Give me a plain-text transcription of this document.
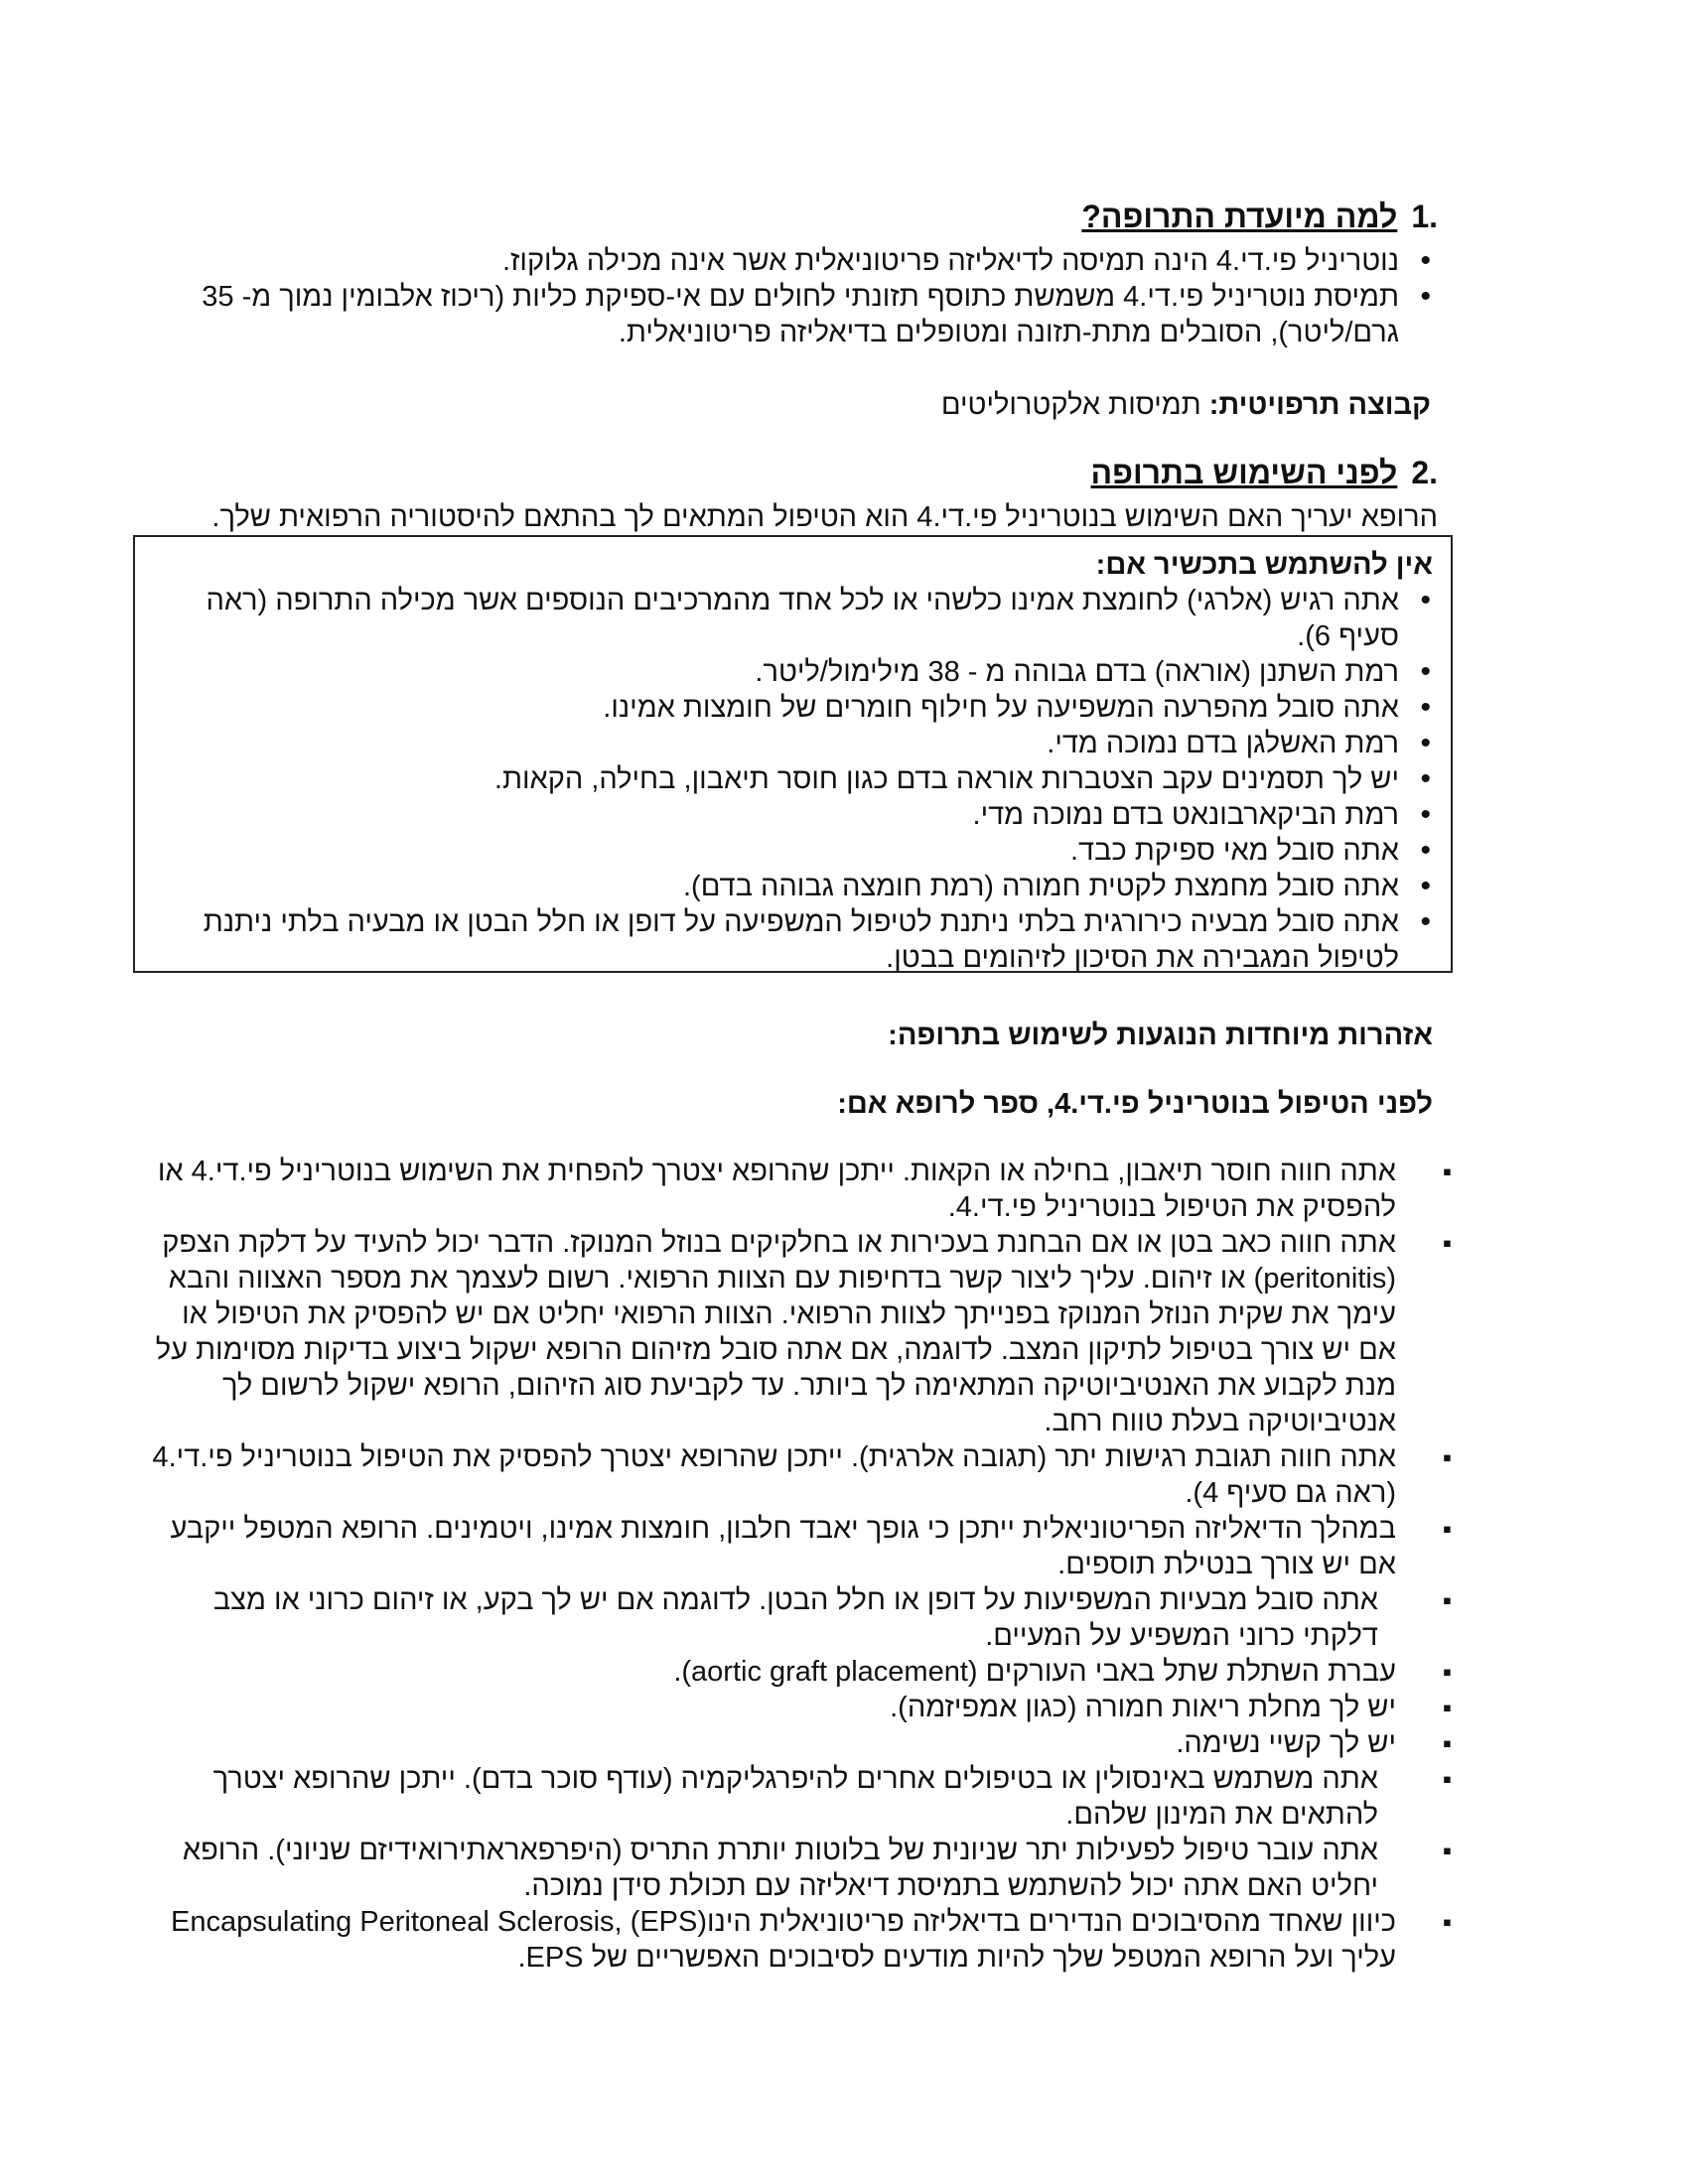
.1למה מיועדת התרופה?
• נוטריניל פי.די.4 הינה תמיסה לדיאליזה פריטוניאלית אשר אינה מכילה גלוקוז.
• תמיסת נוטריניל פי.די.4 משמשת כתוסף תזונתי לחולים עם אי-ספיקת כליות (ריכוז אלבומין נמוך מ- 35 גרם/ליטר), הסובלים מתת-תזונה ומטופלים בדיאליזה פריטוניאלית.
קבוצה תרפויטית: תמיסות אלקטרוליטים
.2לפני השימוש בתרופה
הרופא יעריך האם השימוש בנוטריניל פי.די.4 הוא הטיפול המתאים לך בהתאם להיסטוריה הרפואית שלך.
אין להשתמש בתכשיר אם:
• אתה רגיש (אלרגי) לחומצת אמינו כלשהי או לכל אחד מהמרכיבים הנוספים אשר מכילה התרופה (ראה סעיף 6).
• רמת השתנן (אוראה) בדם גבוהה מ - 38 מילימול/ליטר.
• אתה סובל מהפרעה המשפיעה על חילוף חומרים של חומצות אמינו.
• רמת האשלגן בדם נמוכה מדי.
• יש לך תסמינים עקב הצטברות אוראה בדם כגון חוסר תיאבון, בחילה, הקאות.
• רמת הביקארבונאט בדם נמוכה מדי.
• אתה סובל מאי ספיקת כבד.
• אתה סובל מחמצת לקטית חמורה (רמת חומצה גבוהה בדם).
• אתה סובל מבעיה כירורגית בלתי ניתנת לטיפול המשפיעה על דופן או חלל הבטן או מבעיה בלתי ניתנת לטיפול המגבירה את הסיכון לזיהומים בבטן.
אזהרות מיוחדות הנוגעות לשימוש בתרופה:
לפני הטיפול בנוטריניל פי.די.4, ספר לרופא אם:
▪ אתה חווה חוסר תיאבון, בחילה או הקאות. ייתכן שהרופא יצטרך להפחית את השימוש בנוטריניל פי.די.4 או להפסיק את הטיפול בנוטריניל פי.די.4.
▪ אתה חווה כאב בטן או אם הבחנת בעכירות או בחלקיקים בנוזל המנוקז. הדבר יכול להעיד על דלקת הצפק (peritonitis) או זיהום. עליך ליצור קשר בדחיפות עם הצוות הרפואי. רשום לעצמך את מספר האצווה והבא עימך את שקית הנוזל המנוקז בפנייתך לצוות הרפואי. הצוות הרפואי יחליט אם יש להפסיק את הטיפול או אם יש צורך בטיפול לתיקון המצב. לדוגמה, אם אתה סובל מזיהום הרופא ישקול ביצוע בדיקות מסוימות על מנת לקבוע את האנטיביוטיקה המתאימה לך ביותר. עד לקביעת סוג הזיהום, הרופא ישקול לרשום לך אנטיביוטיקה בעלת טווח רחב.
▪ אתה חווה תגובת רגישות יתר (תגובה אלרגית). ייתכן שהרופא יצטרך להפסיק את הטיפול בנוטריניל פי.די.4 (ראה גם סעיף 4).
▪ במהלך הדיאליזה הפריטוניאלית ייתכן כי גופך יאבד חלבון, חומצות אמינו, ויטמינים. הרופא המטפל ייקבע אם יש צורך בנטילת תוספים.
▪ אתה סובל מבעיות המשפיעות על דופן או חלל הבטן. לדוגמה אם יש לך בקע, או זיהום כרוני או מצב דלקתי כרוני המשפיע על המעיים.
▪ עברת השתלת שתל באבי העורקים (aortic graft placement).
▪ יש לך מחלת ריאות חמורה (כגון אמפיזמה).
▪ יש לך קשיי נשימה.
▪ אתה משתמש באינסולין או בטיפולים אחרים להיפרגליקמיה (עודף סוכר בדם). ייתכן שהרופא יצטרך להתאים את המינון שלהם.
▪ אתה עובר טיפול לפעילות יתר שניונית של בלוטות יותרת התריס (היפרפאראתירואידיזם שניוני). הרופא יחליט האם אתה יכול להשתמש בתמיסת דיאליזה עם תכולת סידן נמוכה.
▪ כיוון שאחד מהסיבוכים הנדירים בדיאליזה פריטוניאלית הינו(Encapsulating Peritoneal Sclerosis, (EPS עליך ועל הרופא המטפל שלך להיות מודעים לסיבוכים האפשריים של EPS.
